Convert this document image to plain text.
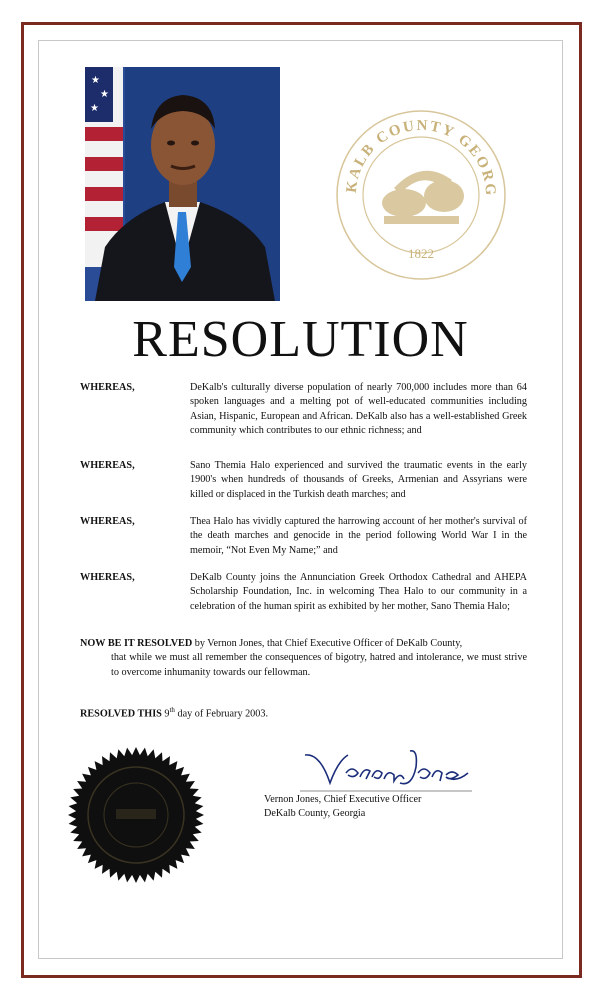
★
★
★
KALB COUNTY GEORG
1822
RESOLUTION
WHEREAS,	DeKalb's culturally diverse population of nearly 700,000 includes more than 64 spoken languages and a melting pot of well-educated communities including Asian, Hispanic, European and African. DeKalb also has a well-established Greek community which contributes to our ethnic richness; and
WHEREAS,	Sano Themia Halo experienced and survived the traumatic events in the early 1900's when hundreds of thousands of Greeks, Armenian and Assyrians were killed or displaced in the Turkish death marches; and
WHEREAS,	Thea Halo has vividly captured the harrowing account of her mother's survival of the death marches and genocide in the period following World War I in the memoir, “Not Even My Name;” and
WHEREAS,	DeKalb County joins the Annunciation Greek Orthodox Cathedral and AHEPA Scholarship Foundation, Inc. in welcoming Thea Halo to our community in a celebration of the human spirit as exhibited by her mother, Sano Themia Halo;
NOW BE IT RESOLVED by Vernon Jones, that Chief Executive Officer of DeKalb County,
that while we must all remember the consequences of bigotry, hatred and intolerance, we must strive to overcome inhumanity towards our fellowman.
RESOLVED THIS 9th day of February 2003.
Vernon Jones, Chief Executive Officer
DeKalb County, Georgia
